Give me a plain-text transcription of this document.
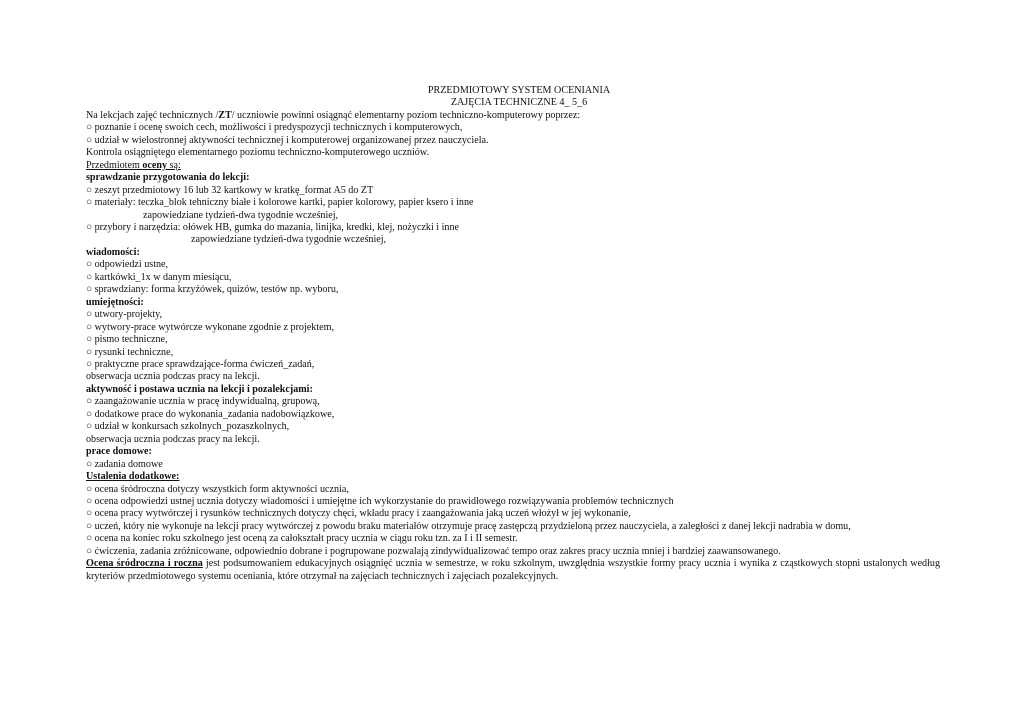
PRZEDMIOTOWY SYSTEM OCENIANIA
ZAJĘCIA TECHNICZNE 4_ 5_6
Na lekcjach zajęć technicznych /ZT/ uczniowie powinni osiągnąć elementarny poziom techniczno-komputerowy poprzez:
○ poznanie i ocenę swoich cech, możliwości i predyspozycji technicznych i komputerowych,
○ udział w wielostronnej aktywności technicznej i komputerowej organizowanej przez nauczyciela.
Kontrola osiągniętego elementarnego poziomu techniczno-komputerowego uczniów.
Przedmiotem oceny są:
sprawdzanie przygotowania do lekcji:
○ zeszyt przedmiotowy 16 lub 32 kartkowy w kratkę_format A5 do ZT
○ materiały: teczka_blok tehniczny białe i kolorowe kartki, papier kolorowy, papier ksero i inne
zapowiedziane tydzień-dwa tygodnie wcześniej,
○ przybory i narzędzia: ołówek HB, gumka do mazania, linijka, kredki, klej, nożyczki i inne
zapowiedziane tydzień-dwa tygodnie wcześniej,
wiadomości:
○ odpowiedzi ustne,
○ kartkówki_1x w danym miesiącu,
○ sprawdziany: forma krzyżówek, quizów, testów np. wyboru,
umiejętności:
○ utwory-projekty,
○ wytwory-prace wytwórcze wykonane zgodnie z projektem,
○ pismo techniczne,
○ rysunki techniczne,
○ praktyczne prace sprawdzające-forma ćwiczeń_zadań,
obserwacja ucznia podczas pracy na lekcji.
aktywność i postawa ucznia na lekcji i pozalekcjami:
○ zaangażowanie ucznia w pracę indywidualną, grupową,
○ dodatkowe prace do wykonania_zadania nadobowiązkowe,
○ udział w konkursach szkolnych_pozaszkolnych,
obserwacja ucznia podczas pracy na lekcji.
prace domowe:
○ zadania domowe
Ustalenia dodatkowe:
○ ocena śródroczna dotyczy wszystkich form aktywności ucznia,
○ ocena odpowiedzi ustnej ucznia dotyczy wiadomości i umiejętne ich wykorzystanie do prawidłowego rozwiązywania problemów technicznych
○ ocena pracy wytwórczej i rysunków technicznych dotyczy chęci, wkładu pracy i zaangażowania jaką uczeń włożył w jej wykonanie,
○ uczeń, który nie wykonuje na lekcji pracy wytwórczej z powodu braku materiałów otrzymuje pracę zastępczą przydzieloną przez nauczyciela, a zaległości z danej lekcji nadrabia w domu,
○ ocena na koniec roku szkolnego jest oceną za całokształt pracy ucznia w ciągu roku tzn. za I i II semestr.
○ ćwiczenia, zadania zróżnicowane, odpowiednio dobrane i pogrupowane pozwalają zindywidualizować tempo oraz zakres pracy ucznia mniej i bardziej zaawansowanego.
Ocena śródroczna i roczna jest podsumowaniem edukacyjnych osiągnięć ucznia w semestrze, w roku szkolnym, uwzględnia wszystkie formy pracy ucznia i wynika z cząstkowych stopni ustalonych według kryteriów przedmiotowego systemu oceniania, które otrzymał na zajęciach technicznych i zajęciach pozalekcyjnych.
